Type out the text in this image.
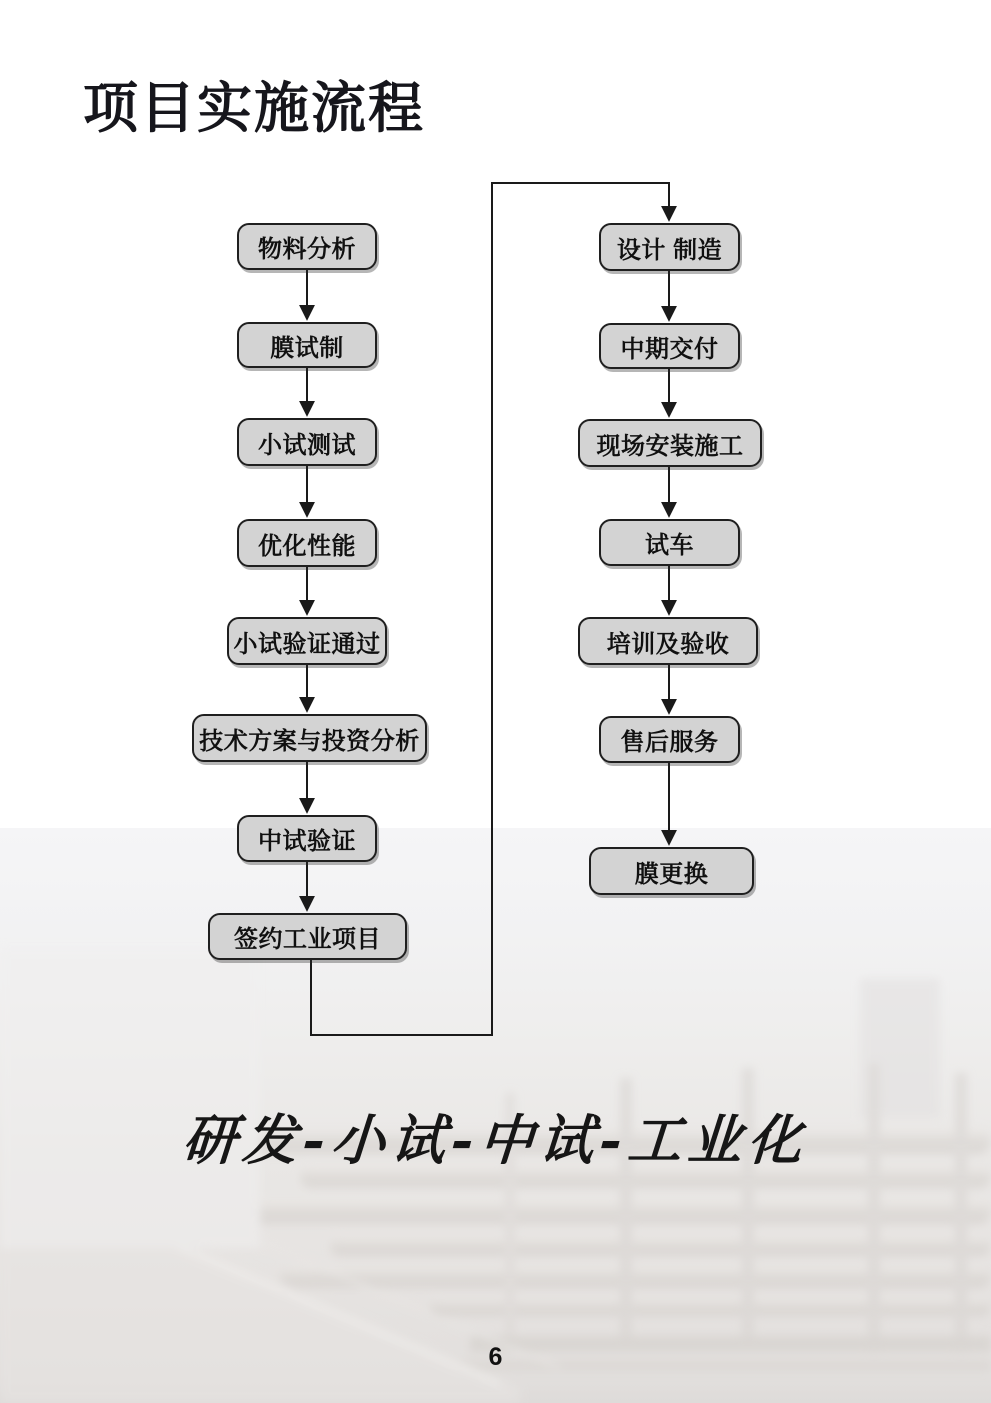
项目实施流程
物料分析
膜试制
小试测试
优化性能
小试验证通过
技术方案与投资分析
中试验证
签约工业项目
设计 制造
中期交付
现场安装施工
试车
培训及验收
售后服务
膜更换
研发-小试-中试-工业化
6
